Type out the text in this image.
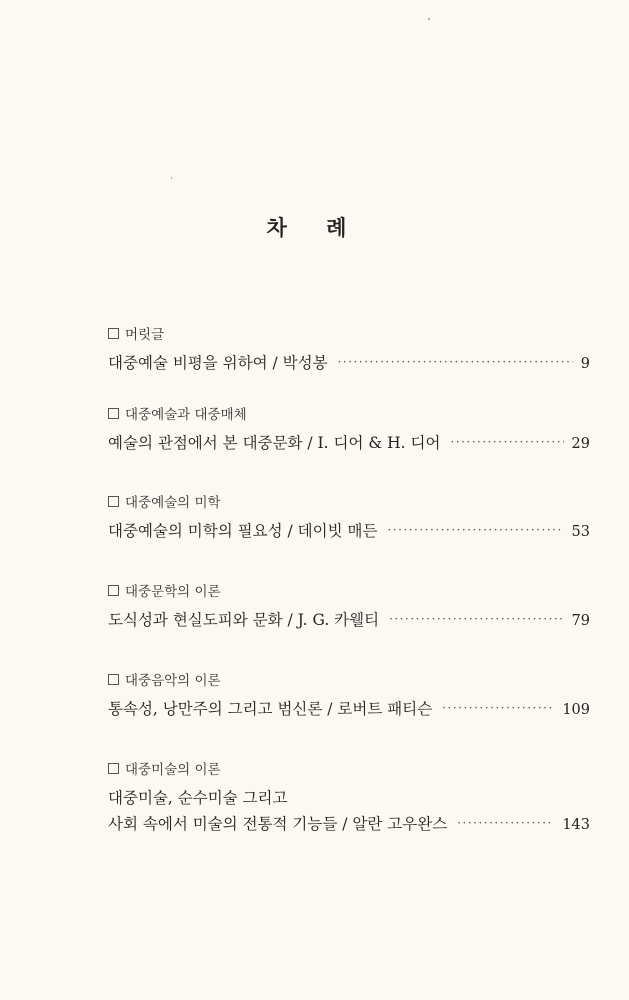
차 례
머릿글
대중예술 비평을 위하여 / 박성봉 ·····	9
대중예술과 대중매체
예술의 관점에서 본 대중문화 / I. 디어 & H. 디어 ·····	29
대중예술의 미학
대중예술의 미학의 필요성 / 데이빗 매든 ·····	53
대중문학의 이론
도식성과 현실도피와 문화 / J. G. 카웰티 ·····	79
대중음악의 이론
통속성, 낭만주의 그리고 범신론 / 로버트 패티슨 ·····	109
대중미술의 이론
대중미술, 순수미술 그리고
사회 속에서 미술의 전통적 기능들 / 알란 고우완스 ·····	143
